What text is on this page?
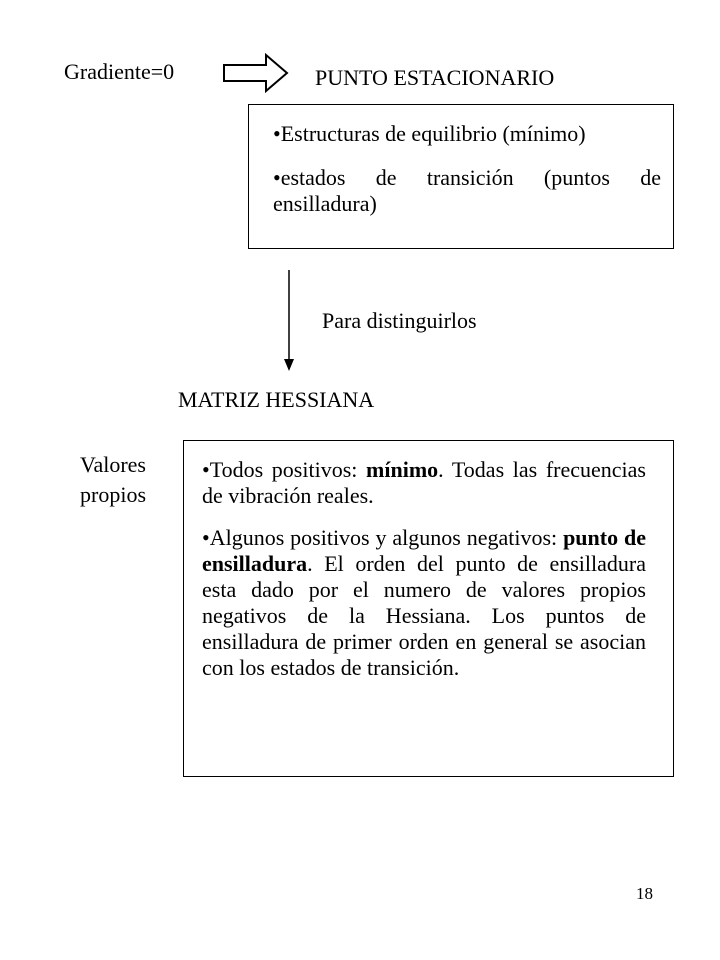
Gradiente=0	PUNTO ESTACIONARIO

• Estructuras de equilibrio (mínimo)

• estados de transición (puntos de ensilladura)

Para distinguirlos
MATRIZ HESSIANA
Valores
propios

• Todos positivos: mínimo. Todas las frecuencias de vibración reales.

• Algunos positivos y algunos negativos: punto de ensilladura. El orden del punto de ensilladura esta dado por el numero de valores propios negativos de la Hessiana. Los puntos de ensilladura de primer orden en general se asocian con los estados de transición.

18
